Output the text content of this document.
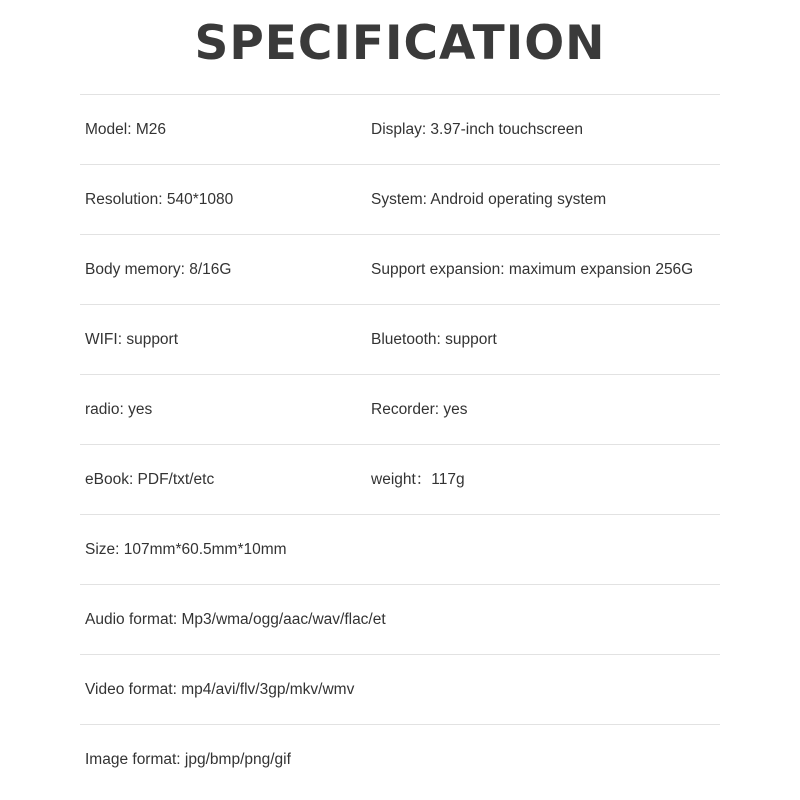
SPECIFICATION
Model: M26	Display: 3.97-inch touchscreen
Resolution: 540*1080	System: Android operating system
Body memory: 8/16G	Support expansion: maximum expansion 256G
WIFI: support	Bluetooth: support
radio: yes	Recorder: yes
eBook: PDF/txt/etc	weight：117g
Size: 107mm*60.5mm*10mm
Audio format: Mp3/wma/ogg/aac/wav/flac/et
Video format: mp4/avi/flv/3gp/mkv/wmv
Image format: jpg/bmp/png/gif
